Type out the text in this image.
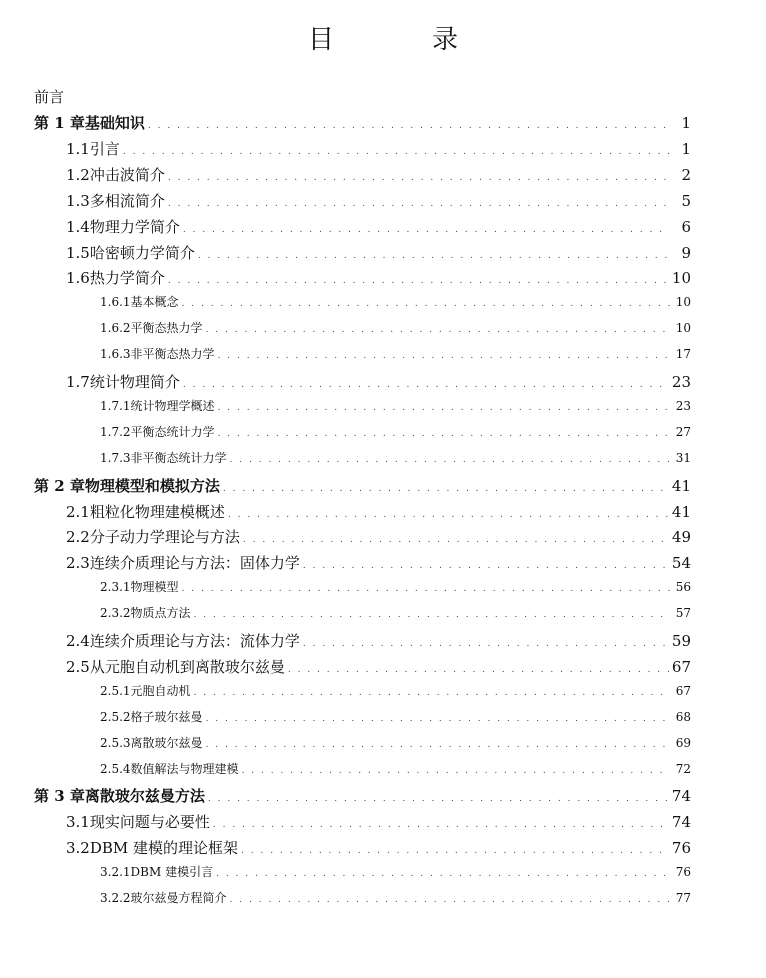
目　录
前言
第 1 章 基础知识 . . .	1
1.1 引言 . . .	1
1.2 冲击波简介 . . .	2
1.3 多相流简介 . . .	5
1.4 物理力学简介 . . .	6
1.5 哈密顿力学简介 . . .	9
1.6 热力学简介 . . .	10
1.6.1 基本概念 . . .	10
1.6.2 平衡态热力学 . . .	10
1.6.3 非平衡态热力学 . . .	17
1.7 统计物理简介 . . .	23
1.7.1 统计物理学概述 . . .	23
1.7.2 平衡态统计力学 . . .	27
1.7.3 非平衡态统计力学 . . .	31
第 2 章 物理模型和模拟方法 . . .	41
2.1 粗粒化物理建模概述 . . .	41
2.2 分子动力学理论与方法 . . .	49
2.3 连续介质理论与方法：固体力学 . . .	54
2.3.1 物理模型 . . .	56
2.3.2 物质点方法 . . .	57
2.4 连续介质理论与方法：流体力学 . . .	59
2.5 从元胞自动机到离散玻尔兹曼 . . .	67
2.5.1 元胞自动机 . . .	67
2.5.2 格子玻尔兹曼 . . .	68
2.5.3 离散玻尔兹曼 . . .	69
2.5.4 数值解法与物理建模 . . .	72
第 3 章 离散玻尔兹曼方法 . . .	74
3.1 现实问题与必要性 . . .	74
3.2 DBM 建模的理论框架 . . .	76
3.2.1 DBM 建模引言 . . .	76
3.2.2 玻尔兹曼方程简介 . . .	77
